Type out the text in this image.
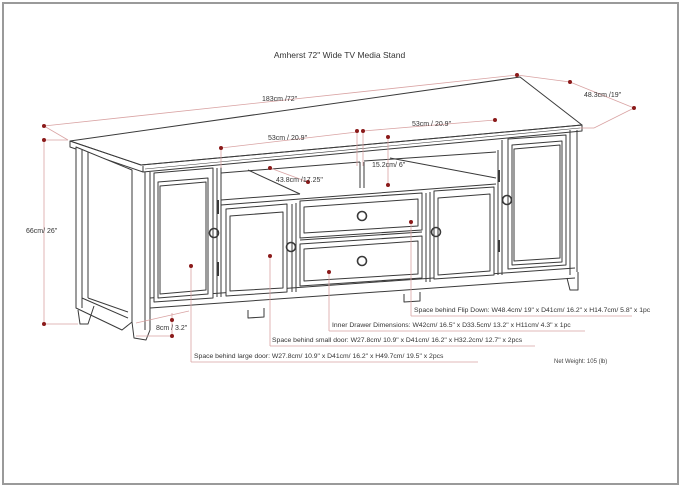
Amherst 72" Wide TV Media Stand
183cm /72"
48.3cm /19"
66cm/ 26"
53cm / 20.9"
53cm / 20.9"
43.8cm /17.25"
15.2cm/ 6"
8cm / 3.2"
Space behind Flip Down: W48.4cm/ 19" x D41cm/ 16.2" x H14.7cm/ 5.8" x 1pc
Inner Drawer Dimensions: W42cm/ 16.5" x D33.5cm/ 13.2" x H11cm/ 4.3" x 1pc
Space behind small door: W27.8cm/ 10.9" x D41cm/ 16.2" x H32.2cm/ 12.7" x 2pcs
Space behind large door: W27.8cm/ 10.9" x D41cm/ 16.2" x H49.7cm/ 19.5" x 2pcs
Net Weight: 105 (lb)
